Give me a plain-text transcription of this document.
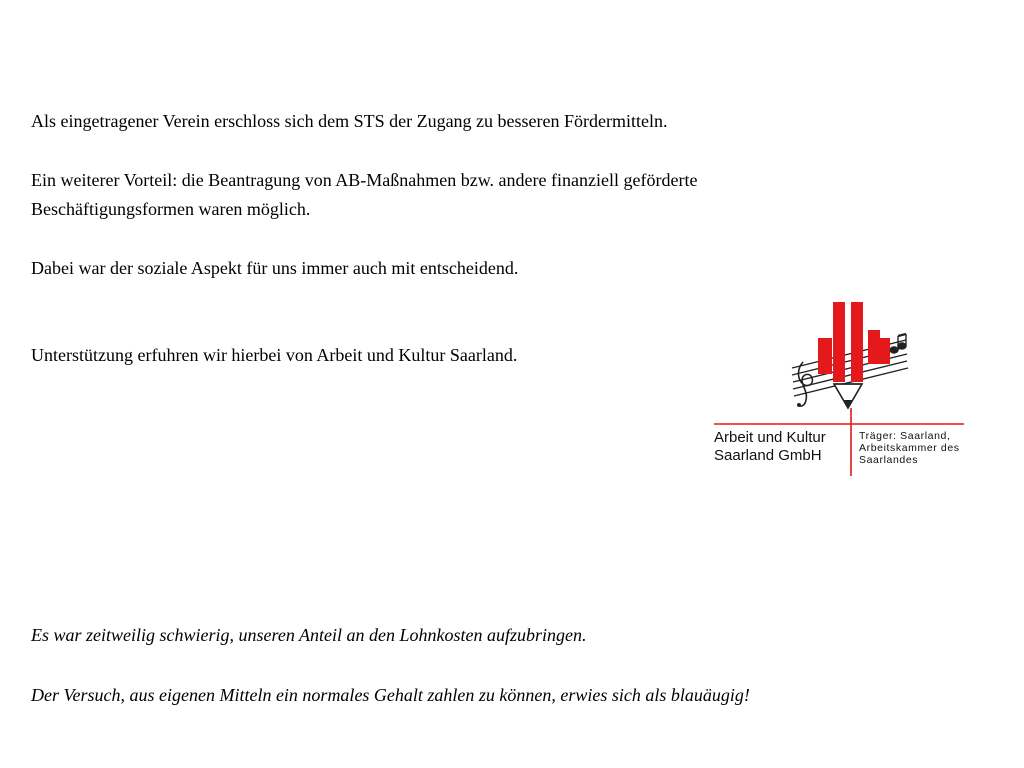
Als eingetragener Verein erschloss sich dem STS der Zugang zu besseren Fördermitteln.

Ein weiterer Vorteil: die Beantragung von AB-Maßnahmen bzw. andere finanziell geförderte
Beschäftigungsformen waren möglich.

Dabei war der soziale Aspekt für uns immer auch mit entscheidend.

Unterstützung erfuhren wir hierbei von Arbeit und Kultur Saarland.

Arbeit und Kultur
Saarland GmbH
Träger: Saarland,
Arbeitskammer des
Saarlandes

Es war zeitweilig schwierig, unseren Anteil an den Lohnkosten aufzubringen.

Der Versuch, aus eigenen Mitteln ein normales Gehalt zahlen zu können, erwies sich als blauäugig!
